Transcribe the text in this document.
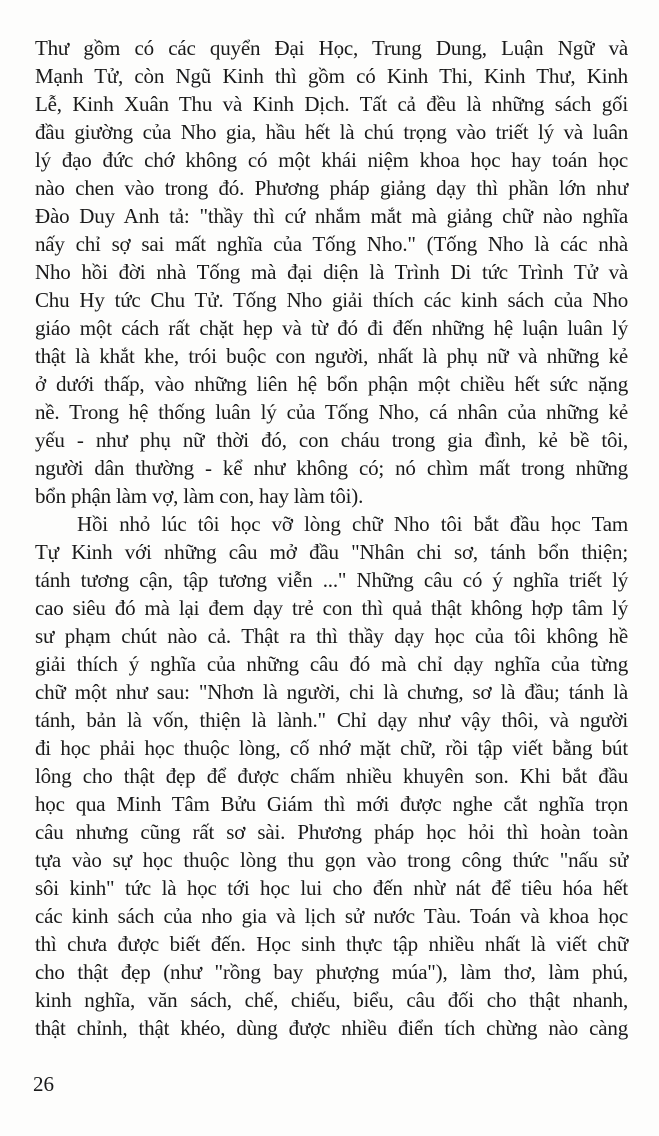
Thư gồm có các quyển Đại Học, Trung Dung, Luận Ngữ và
Mạnh Tử, còn Ngũ Kinh thì gồm có Kinh Thi, Kinh Thư, Kinh
Lễ, Kinh Xuân Thu và Kinh Dịch. Tất cả đều là những sách gối
đầu giường của Nho gia, hầu hết là chú trọng vào triết lý và luân
lý đạo đức chớ không có một khái niệm khoa học hay toán học
nào chen vào trong đó. Phương pháp giảng dạy thì phần lớn như
Đào Duy Anh tả: "thầy thì cứ nhắm mắt mà giảng chữ nào nghĩa
nấy chỉ sợ sai mất nghĩa của Tống Nho." (Tống Nho là các nhà
Nho hồi đời nhà Tống mà đại diện là Trình Di tức Trình Tử và
Chu Hy tức Chu Tử. Tống Nho giải thích các kinh sách của Nho
giáo một cách rất chặt hẹp và từ đó đi đến những hệ luận luân lý
thật là khắt khe, trói buộc con người, nhất là phụ nữ và những kẻ
ở dưới thấp, vào những liên hệ bổn phận một chiều hết sức nặng
nề. Trong hệ thống luân lý của Tống Nho, cá nhân của những kẻ
yếu - như phụ nữ thời đó, con cháu trong gia đình, kẻ bề tôi,
người dân thường - kể như không có; nó chìm mất trong những
bổn phận làm vợ, làm con, hay làm tôi).
Hồi nhỏ lúc tôi học vỡ lòng chữ Nho tôi bắt đầu học Tam
Tự Kinh với những câu mở đầu "Nhân chi sơ, tánh bổn thiện;
tánh tương cận, tập tương viễn ..." Những câu có ý nghĩa triết lý
cao siêu đó mà lại đem dạy trẻ con thì quả thật không hợp tâm lý
sư phạm chút nào cả. Thật ra thì thầy dạy học của tôi không hề
giải thích ý nghĩa của những câu đó mà chỉ dạy nghĩa của từng
chữ một như sau: "Nhơn là người, chi là chưng, sơ là đầu; tánh là
tánh, bản là vốn, thiện là lành." Chỉ dạy như vậy thôi, và người
đi học phải học thuộc lòng, cố nhớ mặt chữ, rồi tập viết bằng bút
lông cho thật đẹp để được chấm nhiều khuyên son. Khi bắt đầu
học qua Minh Tâm Bửu Giám thì mới được nghe cắt nghĩa trọn
câu nhưng cũng rất sơ sài. Phương pháp học hỏi thì hoàn toàn
tựa vào sự học thuộc lòng thu gọn vào trong công thức "nấu sử
sôi kinh" tức là học tới học lui cho đến nhừ nát để tiêu hóa hết
các kinh sách của nho gia và lịch sử nước Tàu. Toán và khoa học
thì chưa được biết đến. Học sinh thực tập nhiều nhất là viết chữ
cho thật đẹp (như "rồng bay phượng múa"), làm thơ, làm phú,
kinh nghĩa, văn sách, chế, chiếu, biểu, câu đối cho thật nhanh,
thật chỉnh, thật khéo, dùng được nhiều điển tích chừng nào càng
26
